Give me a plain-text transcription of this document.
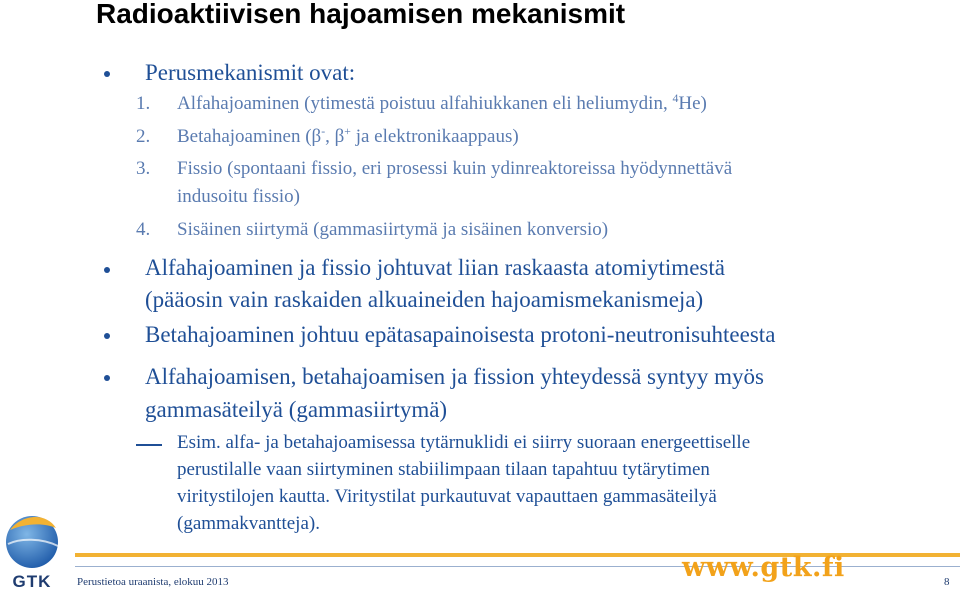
Radioaktiivisen hajoamisen mekanismit
Perusmekanismit ovat:
1. Alfahajoaminen (ytimestä poistuu alfahiukkanen eli heliumydin, $^4$He)
2. Betahajoaminen (β-, β+ ja elektronikaappaus)
3. Fissio (spontaani fissio, eri prosessi kuin ydinreaktoreissa hyödynnettävä
indusoitu fissio)
4. Sisäinen siirtymä (gammasiirtymä ja sisäinen konversio)
Alfahajoaminen ja fissio johtuvat liian raskaasta atomiytimestä
(pääosin vain raskaiden alkuaineiden hajoamismekanismeja)
Betahajoaminen johtuu epätasapainoisesta protoni-neutronisuhteesta
Alfahajoamisen, betahajoamisen ja fission yhteydessä syntyy myös
gammasäteilyä (gammasiirtymä)
Esim. alfa- ja betahajoamisessa tytärnuklidi ei siirry suoraan energeettiselle
perustilalle vaan siirtyminen stabiilimpaan tilaan tapahtuu tytärytimen
viritystilojen kautta. Viritystilat purkautuvat vapauttaen gammasäteilyä
(gammakvantteja).
GTK	www.gtk.fi
Perustietoa uraanista, elokuu 2013	8
